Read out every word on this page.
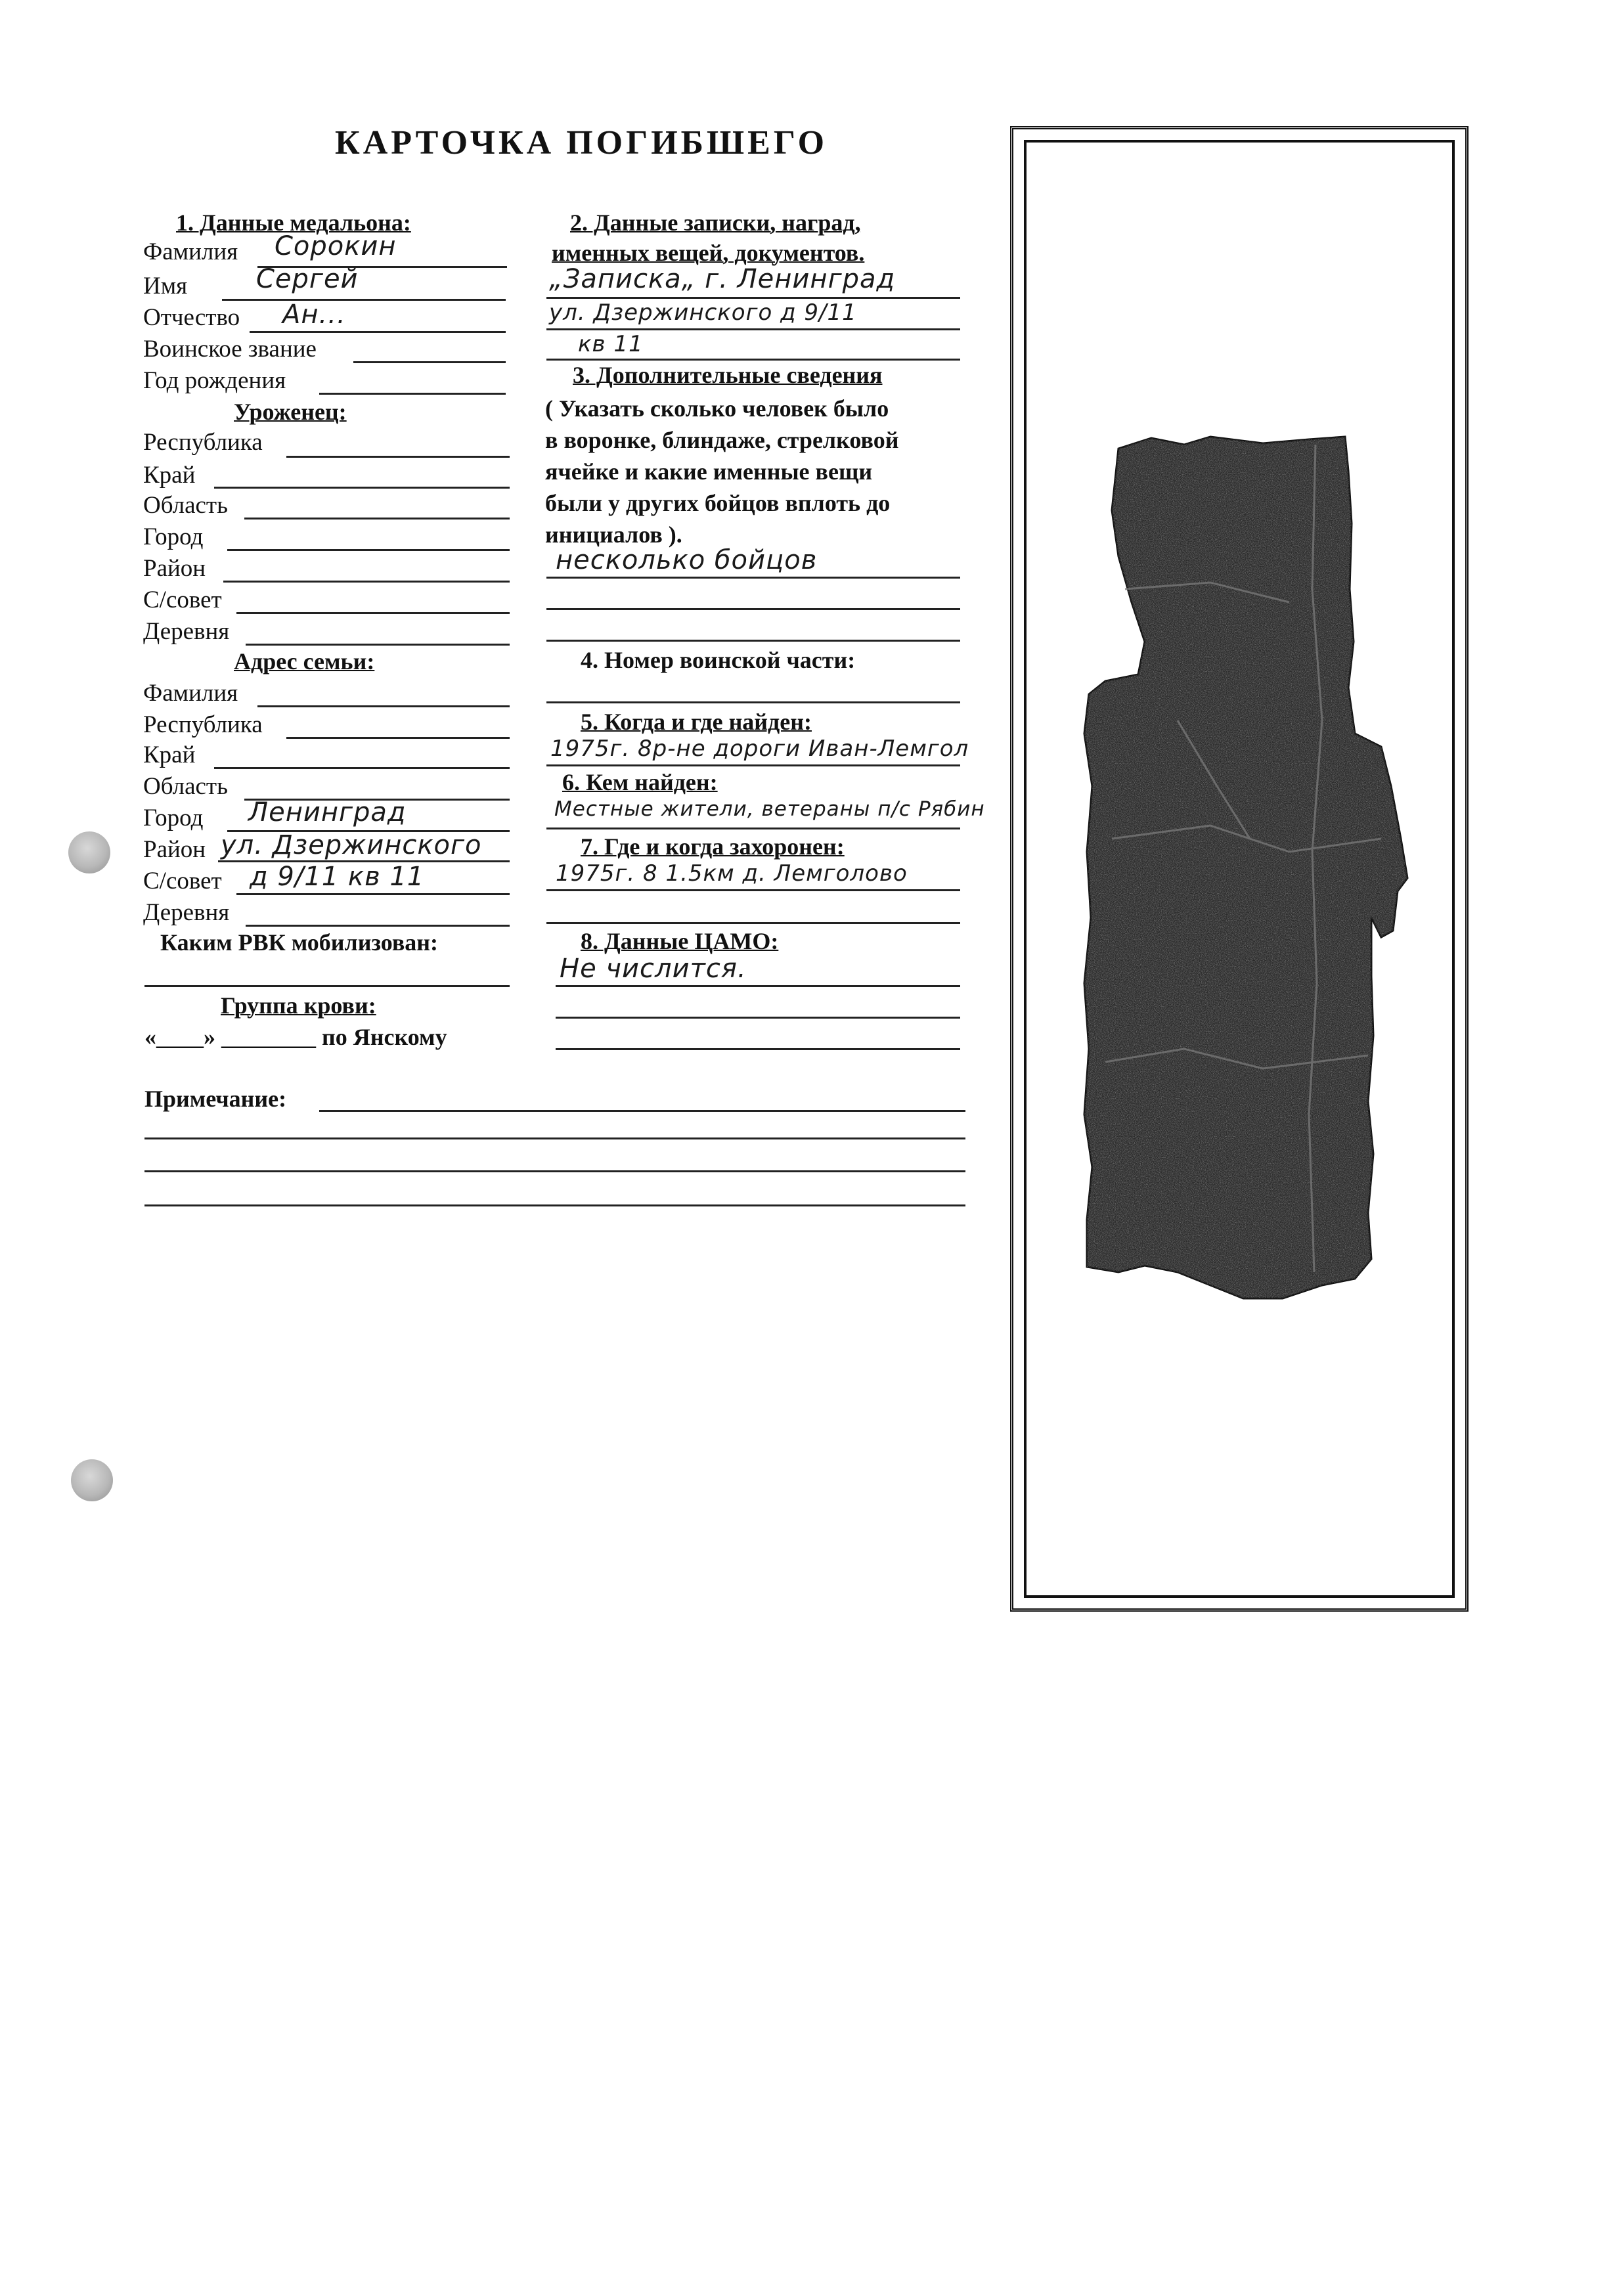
КАРТОЧКА ПОГИБШЕГО
1. Данные медальона:
Фамилия Сорокин
Имя	Сергей
Отчество Ан...
Воинское звание
Год рождения
Уроженец:
Республика
Край
Область
Город
Район
С/совет
Деревня
Адрес семьи:
Фамилия
Республика
Край
Область
Город Ленинград
Район ул. Дзержинского
С/совет д 9/11 кв 11
Деревня
Каким РВК мобилизован:
Группа крови:
«____» ________ по Янскому
Примечание:
2. Данные записки, наград,
именных вещей, документов.
„Записка„ г. Ленинград
ул. Дзержинского д 9/11
кв 11
3. Дополнительные сведения
( Указать сколько человек было
в воронке, блиндаже, стрелковой
ячейке и какие именные вещи
были у других бойцов вплоть до
инициалов ).
несколько бойцов
4. Номер воинской части:
5. Когда и где найден:
1975г. 8р-не дороги Иван-Лемгол
6. Кем найден:
Местные жители, ветераны п/с Рябин
7. Где и когда захоронен:
1975г. 8 1.5км д. Лемголово
8. Данные ЦАМО:
Не числится.
